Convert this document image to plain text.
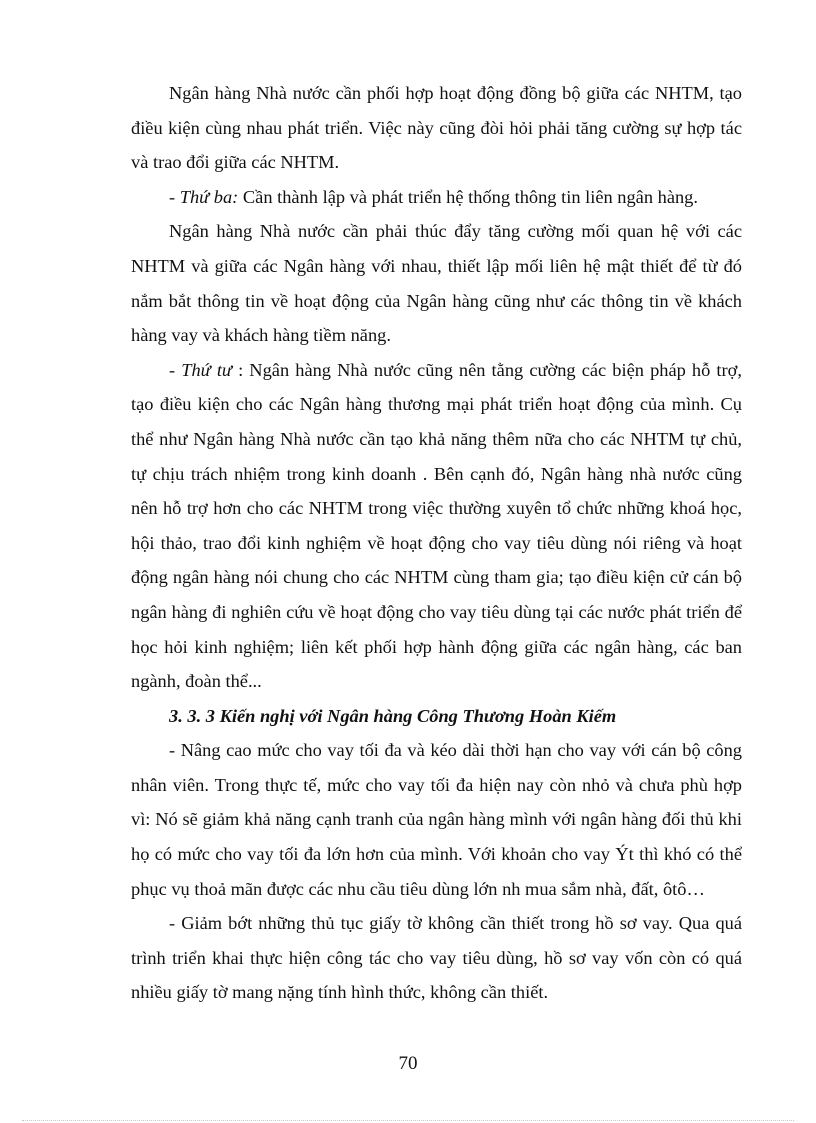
Ngân hàng Nhà nước cần phối hợp hoạt động đồng bộ giữa các NHTM, tạo điều kiện cùng nhau phát triển. Việc này cũng đòi hỏi phải tăng cường sự hợp tác và trao đổi giữa các NHTM.

- Thứ ba: Cần thành lập và phát triển hệ thống thông tin liên ngân hàng.

Ngân hàng Nhà nước cần phải thúc đẩy tăng cường mối quan hệ với các NHTM và giữa các Ngân hàng với nhau, thiết lập mối liên hệ mật thiết để từ đó nắm bắt thông tin về hoạt động của Ngân hàng cũng như các thông tin về khách hàng vay và khách hàng tiềm năng.

- Thứ tư : Ngân hàng Nhà nước cũng nên tằng cường các biện pháp hỗ trợ, tạo điều kiện cho các Ngân hàng thương mại phát triển hoạt động của mình. Cụ thể như Ngân hàng Nhà nước cần tạo khả năng thêm nữa cho các NHTM tự chủ, tự chịu trách nhiệm trong kinh doanh . Bên cạnh đó, Ngân hàng nhà nước cũng nên hỗ trợ hơn cho các NHTM trong việc thường xuyên tổ chức những khoá học, hội thảo, trao đổi kinh nghiệm về hoạt động cho vay tiêu dùng nói riêng và hoạt động ngân hàng nói chung cho các NHTM cùng tham gia; tạo điều kiện cử cán bộ ngân hàng đi nghiên cứu về hoạt động cho vay tiêu dùng tại các nước phát triển để học hỏi kinh nghiệm; liên kết phối hợp hành động giữa các ngân hàng, các ban ngành, đoàn thể...

3. 3. 3 Kiến nghị với Ngân hàng Công Thương Hoàn Kiếm

- Nâng cao mức cho vay tối đa và kéo dài thời hạn cho vay với cán bộ công nhân viên. Trong thực tế, mức cho vay tối đa hiện nay còn nhỏ và chưa phù hợp vì: Nó sẽ giảm khả năng cạnh tranh của ngân hàng mình với ngân hàng đối thủ khi họ có mức cho vay tối đa lớn hơn của mình. Với khoản cho vay Ýt thì khó có thể phục vụ thoả mãn được các nhu cầu tiêu dùng lớn nh mua sắm nhà, đất, ôtô…

- Giảm bớt những thủ tục giấy tờ không cần thiết trong hồ sơ vay. Qua quá trình triển khai thực hiện công tác cho vay tiêu dùng, hồ sơ vay vốn còn có quá nhiều giấy tờ mang nặng tính hình thức, không cần thiết.

70
